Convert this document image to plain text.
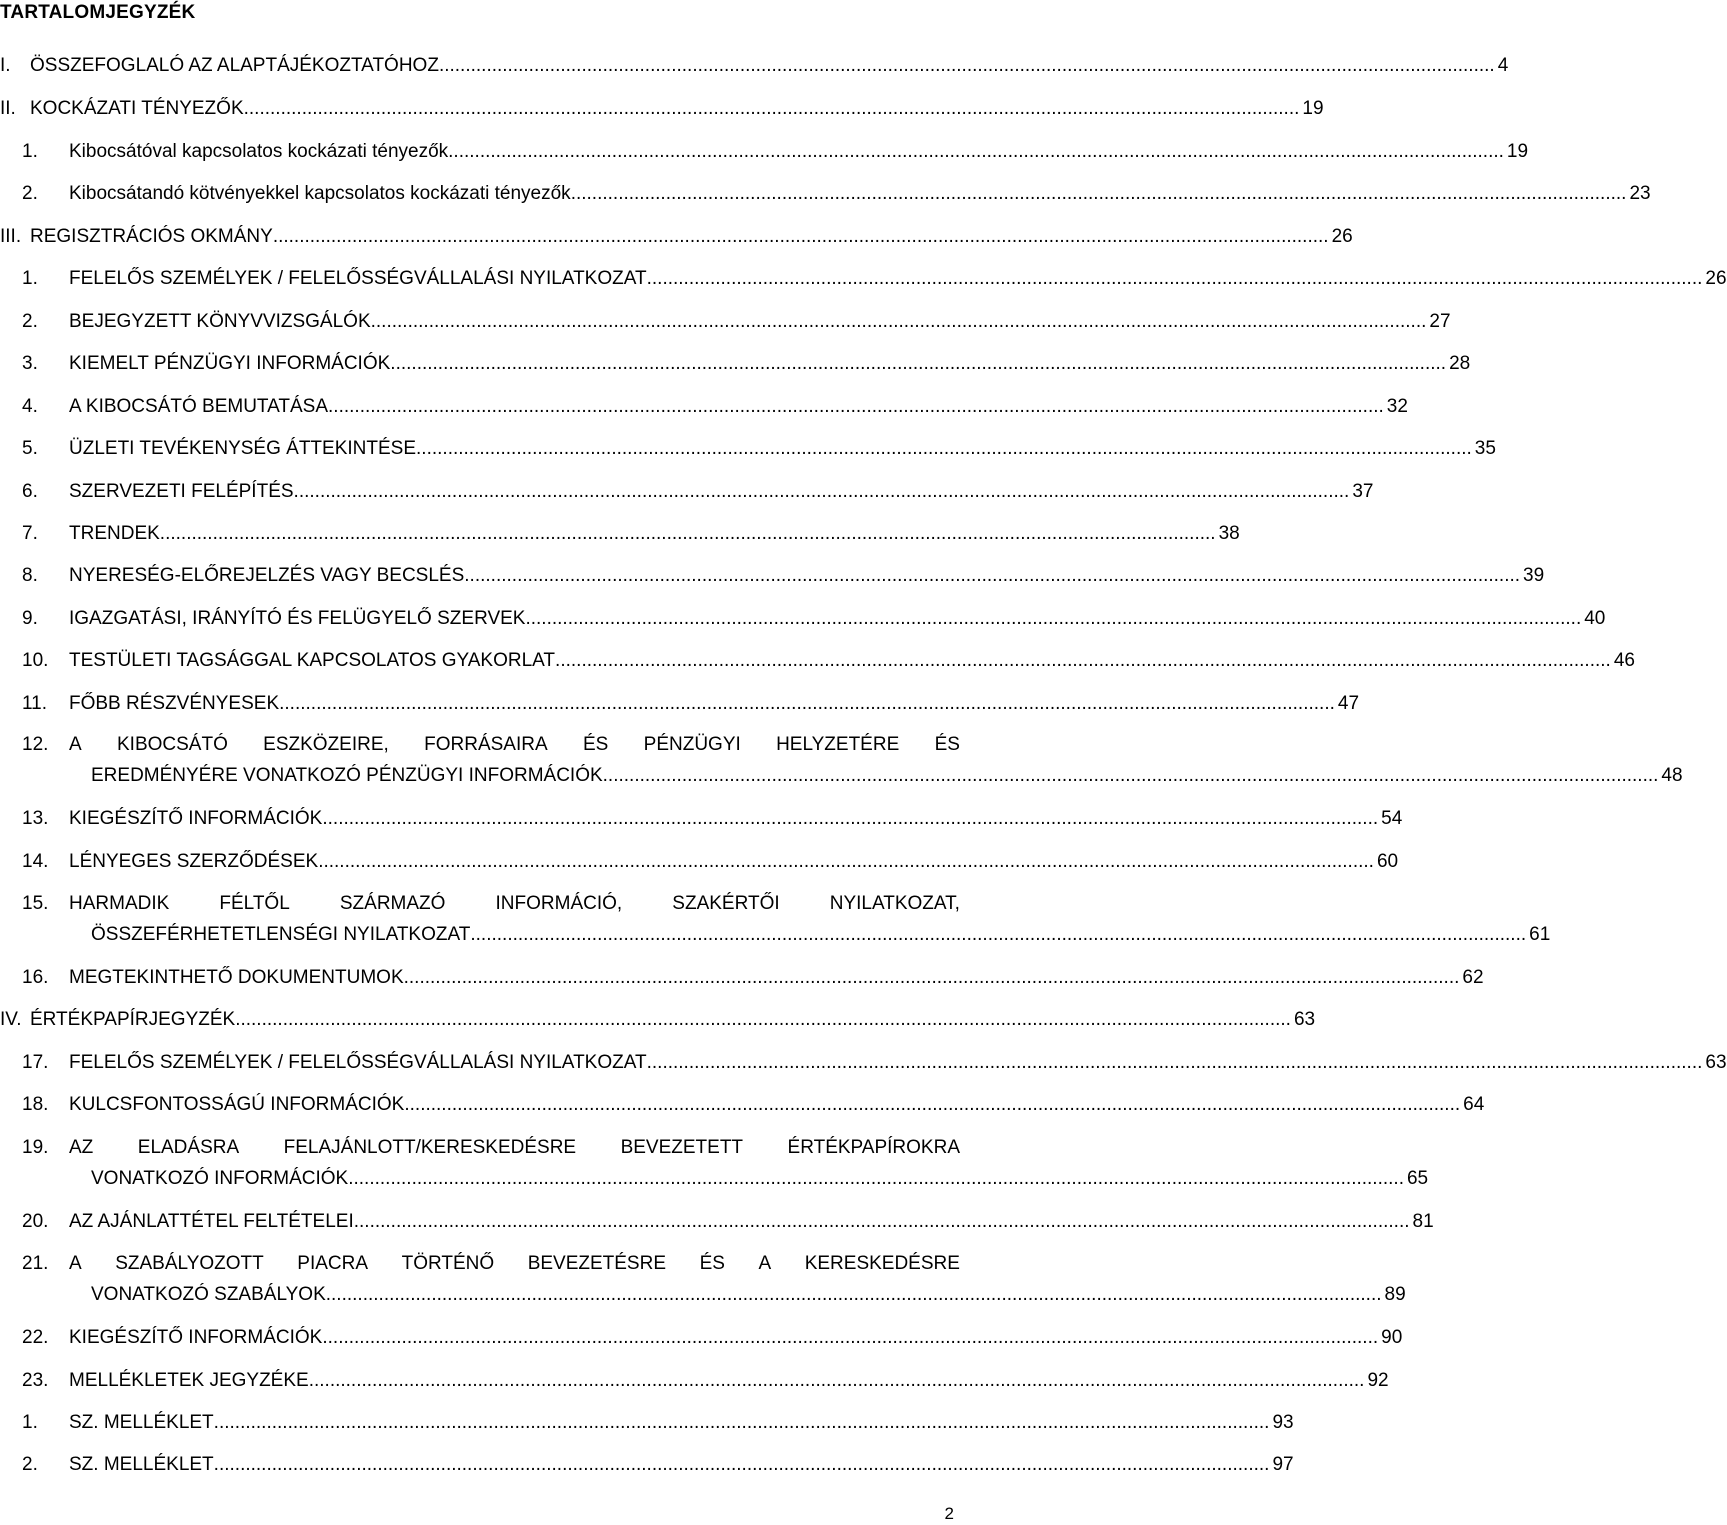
TARTALOMJEGYZÉK
I. ÖSSZEFOGLALÓ AZ ALAPTÁJÉKOZTATÓHOZ ........................................................................................................................................................................................................ 4
II. KOCKÁZATI TÉNYEZŐK ........................................................................................................................................................................................................ 19
1. Kibocsátóval kapcsolatos kockázati tényezők ........................................................................................................................................................................................................ 19
2. Kibocsátandó kötvényekkel kapcsolatos kockázati tényezők ........................................................................................................................................................................................................ 23
III. REGISZTRÁCIÓS OKMÁNY ........................................................................................................................................................................................................ 26
1. FELELŐS SZEMÉLYEK / FELELŐSSÉGVÁLLALÁSI NYILATKOZAT ........................................................................................................................................................................................................ 26
2. BEJEGYZETT KÖNYVVIZSGÁLÓK ........................................................................................................................................................................................................ 27
3. KIEMELT PÉNZÜGYI INFORMÁCIÓK ........................................................................................................................................................................................................ 28
4. A KIBOCSÁTÓ BEMUTATÁSA ........................................................................................................................................................................................................ 32
5. ÜZLETI TEVÉKENYSÉG ÁTTEKINTÉSE ........................................................................................................................................................................................................ 35
6. SZERVEZETI FELÉPÍTÉS ........................................................................................................................................................................................................ 37
7. TRENDEK ........................................................................................................................................................................................................ 38
8. NYERESÉG-ELŐREJELZÉS VAGY BECSLÉS ........................................................................................................................................................................................................ 39
9. IGAZGATÁSI, IRÁNYÍTÓ ÉS FELÜGYELŐ SZERVEK ........................................................................................................................................................................................................ 40
10. TESTÜLETI TAGSÁGGAL KAPCSOLATOS GYAKORLAT ........................................................................................................................................................................................................ 46
11. FŐBB RÉSZVÉNYESEK ........................................................................................................................................................................................................ 47
12. A KIBOCSÁTÓ ESZKÖZEIRE, FORRÁSAIRA ÉS PÉNZÜGYI HELYZETÉRE ÉS
EREDMÉNYÉRE VONATKOZÓ PÉNZÜGYI INFORMÁCIÓK ........................................................................................................................................................................................................ 48
13. KIEGÉSZÍTŐ INFORMÁCIÓK ........................................................................................................................................................................................................ 54
14. LÉNYEGES SZERZŐDÉSEK ........................................................................................................................................................................................................ 60
15. HARMADIK	FÉLTŐL	SZÁRMAZÓ	INFORMÁCIÓ,	SZAKÉRTŐI	NYILATKOZAT,
ÖSSZEFÉRHETETLENSÉGI NYILATKOZAT ........................................................................................................................................................................................................ 61
16. MEGTEKINTHETŐ DOKUMENTUMOK ........................................................................................................................................................................................................ 62
IV. ÉRTÉKPAPÍRJEGYZÉK ........................................................................................................................................................................................................ 63
17. FELELŐS SZEMÉLYEK / FELELŐSSÉGVÁLLALÁSI NYILATKOZAT ........................................................................................................................................................................................................ 63
18. KULCSFONTOSSÁGÚ INFORMÁCIÓK ........................................................................................................................................................................................................ 64
19. AZ ELADÁSRA FELAJÁNLOTT/KERESKEDÉSRE BEVEZETETT ÉRTÉKPAPÍROKRA
VONATKOZÓ INFORMÁCIÓK ........................................................................................................................................................................................................ 65
20. AZ AJÁNLATTÉTEL FELTÉTELEI ........................................................................................................................................................................................................ 81
21. A SZABÁLYOZOTT PIACRA TÖRTÉNŐ BEVEZETÉSRE ÉS A KERESKEDÉSRE
VONATKOZÓ SZABÁLYOK ........................................................................................................................................................................................................ 89
22. KIEGÉSZÍTŐ INFORMÁCIÓK ........................................................................................................................................................................................................ 90
23. MELLÉKLETEK JEGYZÉKE ........................................................................................................................................................................................................ 92
1. SZ. MELLÉKLET ........................................................................................................................................................................................................ 93
2. SZ. MELLÉKLET ........................................................................................................................................................................................................ 97
2
